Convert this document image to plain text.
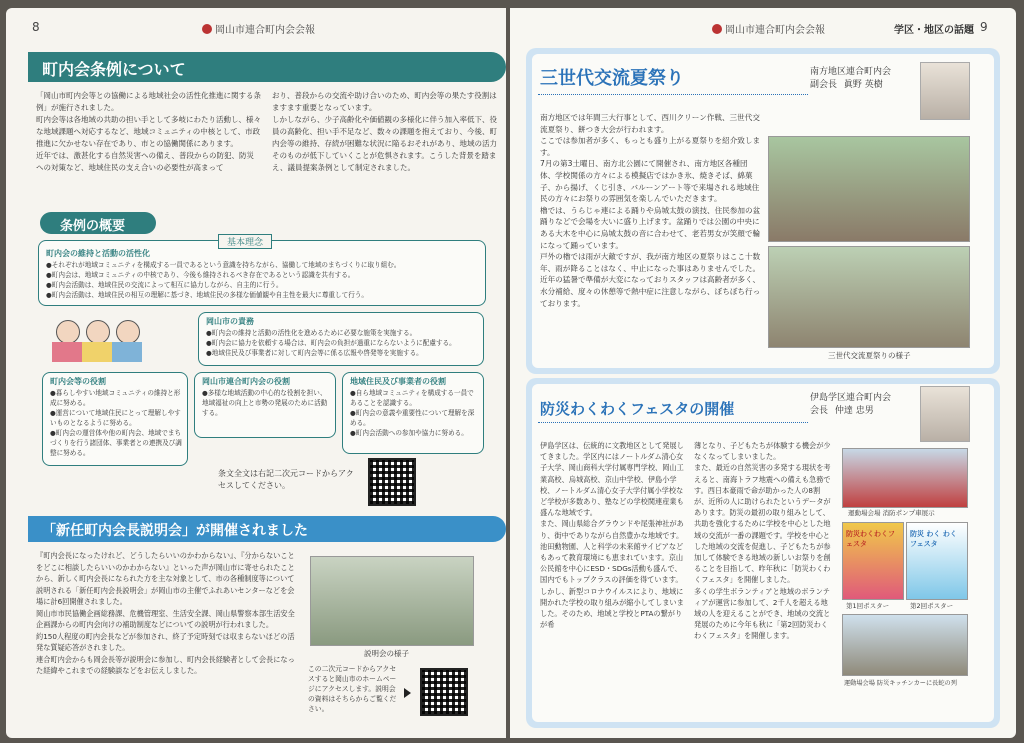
8	岡山市連合町内会会報
町内会条例について
「岡山市町内会等との協働による地域社会の活性化推進に関する条例」が施行されました。
町内会等は各地域の共助の担い手として多岐にわたり活動し、様々な地域課題へ対応するなど、地域コミュニティの中核として、市政推進に欠かせない存在であり、市との協働関係にあります。
近年では、激甚化する自然災害への備え、普段からの防犯、防災への対策など、地域住民の支え合いの必要性が高まって
おり、普段からの交流や助け合いのため、町内会等の果たす役割はますます重要となっています。
しかしながら、少子高齢化や価値観の多様化に伴う加入率低下、役員の高齢化、担い手不足など、数々の課題を抱えており、今後、町内会等の維持、存続が困難な状況に陥るおそれがあり、地域の活力そのものが低下していくことが危惧されます。こうした背景を踏まえ、議員提案条例として制定されました。
条例の概要
基本理念
町内会の維持と活動の活性化
●それぞれが地域コミュニティを構成する一員であるという意識を持ちながら、協働して地域のまちづくりに取り組む。
●町内会は、地域コミュニティの中核であり、今後も維持されるべき存在であるという認識を共有する。
●町内会活動は、地域住民の交流によって相互に協力しながら、自主的に行う。
●町内会活動は、地域住民の相互の理解に基づき、地域住民の多様な価値観や自主性を最大に尊重して行う。
岡山市の責務
●町内会の維持と活動の活性化を進めるために必要な施策を実施する。
●町内会に協力を依頼する場合は、町内会の負担が過重にならないように配慮する。
●地域住民及び事業者に対して町内会等に係る広報や啓発等を実施する。
町内会等の役割
●暮らしやすい地域コミュニティの維持と形成に努める。
●運営について地域住民にとって理解しやすいものとなるように努める。
●町内会の運営体や他の町内会、地域でまちづくりを行う諸団体、事業者との連携及び調整に努める。
岡山市連合町内会の役割
●多様な地域活動の中心的な役割を担い、地域福祉の向上と市勢の発展のために活動する。
地域住民及び事業者の役割
●自ら地域コミュニティを構成する一員であることを認識する。
●町内会の意義や重要性について理解を深める。
●町内会活動への参加や協力に努める。
条文全文は右記二次元コードからアクセスしてください。
「新任町内会長説明会」が開催されました
『町内会長になったけれど、どうしたらいいのかわからない』、『分からないことをどこに相談したらいいのかわからない』といった声が岡山市に寄せられたことから、新しく町内会長になられた方を主な対象として、市の各種制度等について説明される「新任町内会長説明会」が岡山市の主催でふれあいセンターなどを会場に計6回開催されました。
岡山市市民協働企画総務課、危機管理室、生活安全課、岡山県警察本部生活安全企画課からの町内会向けの補助制度などについての説明が行われました。
約150人程度の町内会長などが参加され、終了予定時刻では収まらないほどの活発な質疑応答がされました。
連合町内会からも岡会長等が説明会に参加し、町内会長経験者として会長になった経緯やこれまでの経験談などをお伝えしました。
説明会の様子
この二次元コードからアクセスすると岡山市のホームページにアクセスします。説明会の資料はそちらからご覧ください。
岡山市連合町内会会報	学区・地区の話題 9
三世代交流夏祭り	南方地区連合町内会
副会長 眞野 英樹
南方地区では年間三大行事として、西川クリーン作戦、三世代交流夏祭り、餅つき大会が行われます。
ここでは参加者が多く、もっとも盛り上がる夏祭りを紹介致します。
7月の第3土曜日、南方北公園にて開催され、南方地区各種団体、学校関係の方々による模擬店ではかき氷、焼きそば、綿菓子、から揚げ、くじ引き、バルーンアート等で来場される地域住民の方々にお祭りの雰囲気を楽しんでいただきます。
櫓では、うらじゃ連による踊りや烏城太鼓の演技、住民参加の盆踊りなどで会場を大いに盛り上げます。盆踊りでは公園の中央にある大木を中心に烏城太鼓の音に合わせて、老若男女が笑顔で輪になって踊っています。
戸外の櫓では雨が大敵ですが、我が南方地区の夏祭りはここ十数年、雨が降ることはなく、中止になった事はありませんでした。近年の猛暑で準備が大変になっておりスタッフは高齢者が多く、水分補給、度々の休憩等で熱中症に注意しながら、ぼちぼち行っております。
三世代交流夏祭りの様子
防災わくわくフェスタの開催
伊島学区連合町内会
会長 仲達 忠男
伊島学区は、伝統的に文教地区として発展してきました。学区内にはノートルダム清心女子大学、岡山商科大学付属専門学校、岡山工業高校、烏城高校、京山中学校、伊島小学校、ノートルダム清心女子大学付属小学校など学校が多数あり、塾などの学校関連産業も盛んな地域です。
また、岡山県総合グラウンドや尾張神社があり、街中でありながら自然豊かな地域です。池田動物園、人と科学の未来館サイピアなどもあって教育環境にも恵まれています。京山公民館を中心にESD・SDGs活動も盛んで、国内でもトップクラスの評価を得ています。
しかし、新型コロナウイルスにより、地域に開かれた学校の取り組みが縮小してしまいました。そのため、地域と学校とPTAの繋がりが希
薄となり、子どもたちが体験する機会が少なくなってしまいました。
また、最近の自然災害の多発する現状を考えると、南海トラフ地震への備えも急務です。西日本豪雨で命が助かった人の8割が、近所の人に助けられたというデータがあります。防災の最初の取り組みとして、共助を強化するために学校を中心とした地域の交流が一番の課題です。学校を中心とした地域の交流を促進し、子どもたちが参加して体験できる地域の新しいお祭りを創ることを目指して、昨年秋に「防災わくわくフェスタ」を開催しました。
多くの学生ボランティアと地域のボランティアが運営に参加して、2千人を超える地域の人を迎えることができ、地域の交流と発展のために今年も秋に「第2回防災わくわくフェスタ」を開催します。
運動場会場 消防ポンプ車展示
防災わくわくフェスタ
防災 わく わく フェスタ
第1回ポスター	第2回ポスター
運動場会場 防災キッチンカーに長蛇の列
